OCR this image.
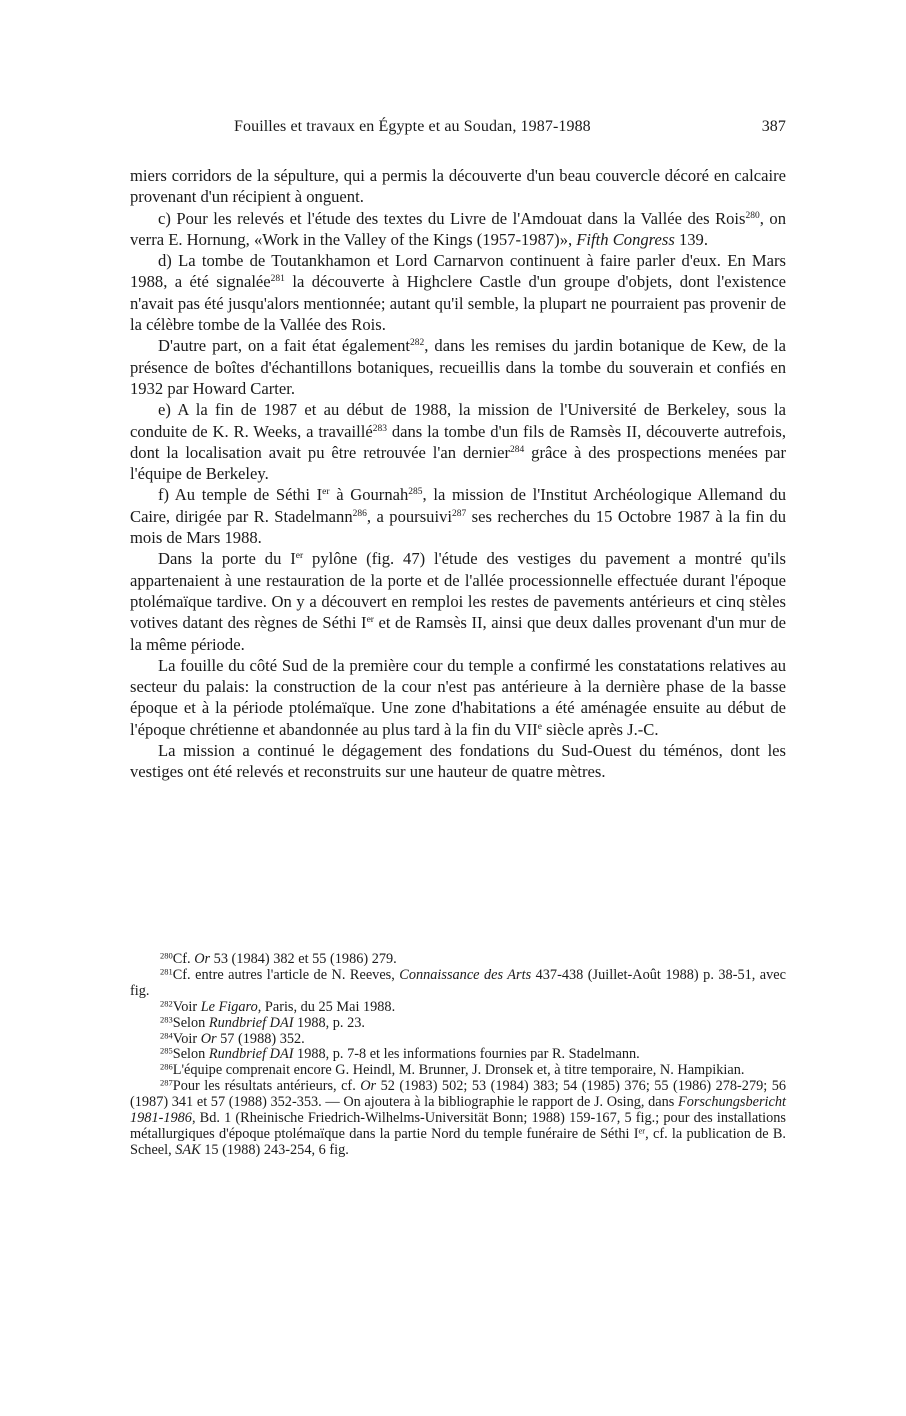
Fouilles et travaux en Égypte et au Soudan, 1987-1988	387

miers corridors de la sépulture, qui a permis la découverte d'un beau couvercle décoré en calcaire provenant d'un récipient à onguent.

c) Pour les relevés et l'étude des textes du Livre de l'Amdouat dans la Vallée des Rois$^{280}$, on verra E. Hornung, «Work in the Valley of the Kings (1957-1987)», Fifth Congress 139.

d) La tombe de Toutankhamon et Lord Carnarvon continuent à faire parler d'eux. En Mars 1988, a été signalée$^{281}$ la découverte à Highclere Castle d'un groupe d'objets, dont l'existence n'avait pas été jusqu'alors mentionnée; autant qu'il semble, la plupart ne pourraient pas provenir de la célèbre tombe de la Vallée des Rois.

D'autre part, on a fait état également$^{282}$, dans les remises du jardin botanique de Kew, de la présence de boîtes d'échantillons botaniques, recueillis dans la tombe du souverain et confiés en 1932 par Howard Carter.

e) A la fin de 1987 et au début de 1988, la mission de l'Université de Berkeley, sous la conduite de K. R. Weeks, a travaillé$^{283}$ dans la tombe d'un fils de Ramsès II, découverte autrefois, dont la localisation avait pu être retrouvée l'an dernier$^{284}$ grâce à des prospections menées par l'équipe de Berkeley.

f) Au temple de Séthi Ier à Gournah$^{285}$, la mission de l'Institut Archéologique Allemand du Caire, dirigée par R. Stadelmann$^{286}$, a poursuivi$^{287}$ ses recherches du 15 Octobre 1987 à la fin du mois de Mars 1988.

Dans la porte du Ier pylône (fig. 47) l'étude des vestiges du pavement a montré qu'ils appartenaient à une restauration de la porte et de l'allée processionnelle effectuée durant l'époque ptolémaïque tardive. On y a découvert en remploi les restes de pavements antérieurs et cinq stèles votives datant des règnes de Séthi Ier et de Ramsès II, ainsi que deux dalles provenant d'un mur de la même période.

La fouille du côté Sud de la première cour du temple a confirmé les constatations relatives au secteur du palais: la construction de la cour n'est pas antérieure à la dernière phase de la basse époque et à la période ptolémaïque. Une zone d'habitations a été aménagée ensuite au début de l'époque chrétienne et abandonnée au plus tard à la fin du VIIe siècle après J.-C.

La mission a continué le dégagement des fondations du Sud-Ouest du téménos, dont les vestiges ont été relevés et reconstruits sur une hauteur de quatre mètres.

$^{280}$Cf. Or 53 (1984) 382 et 55 (1986) 279.

$^{281}$Cf. entre autres l'article de N. Reeves, Connaissance des Arts 437-438 (Juillet-Août 1988) p. 38-51, avec fig.

$^{282}$Voir Le Figaro, Paris, du 25 Mai 1988.

$^{283}$Selon Rundbrief DAI 1988, p. 23.

$^{284}$Voir Or 57 (1988) 352.

$^{285}$Selon Rundbrief DAI 1988, p. 7-8 et les informations fournies par R. Stadelmann.

$^{286}$L'équipe comprenait encore G. Heindl, M. Brunner, J. Dronsek et, à titre temporaire, N. Hampikian.

$^{287}$Pour les résultats antérieurs, cf. Or 52 (1983) 502; 53 (1984) 383; 54 (1985) 376; 55 (1986) 278-279; 56 (1987) 341 et 57 (1988) 352-353. — On ajoutera à la bibliographie le rapport de J. Osing, dans Forschungsbericht 1981-1986, Bd. 1 (Rheinische Friedrich-Wilhelms-Universität Bonn; 1988) 159-167, 5 fig.; pour des installations métallurgiques d'époque ptolémaïque dans la partie Nord du temple funéraire de Séthi Ier, cf. la publication de B. Scheel, SAK 15 (1988) 243-254, 6 fig.
